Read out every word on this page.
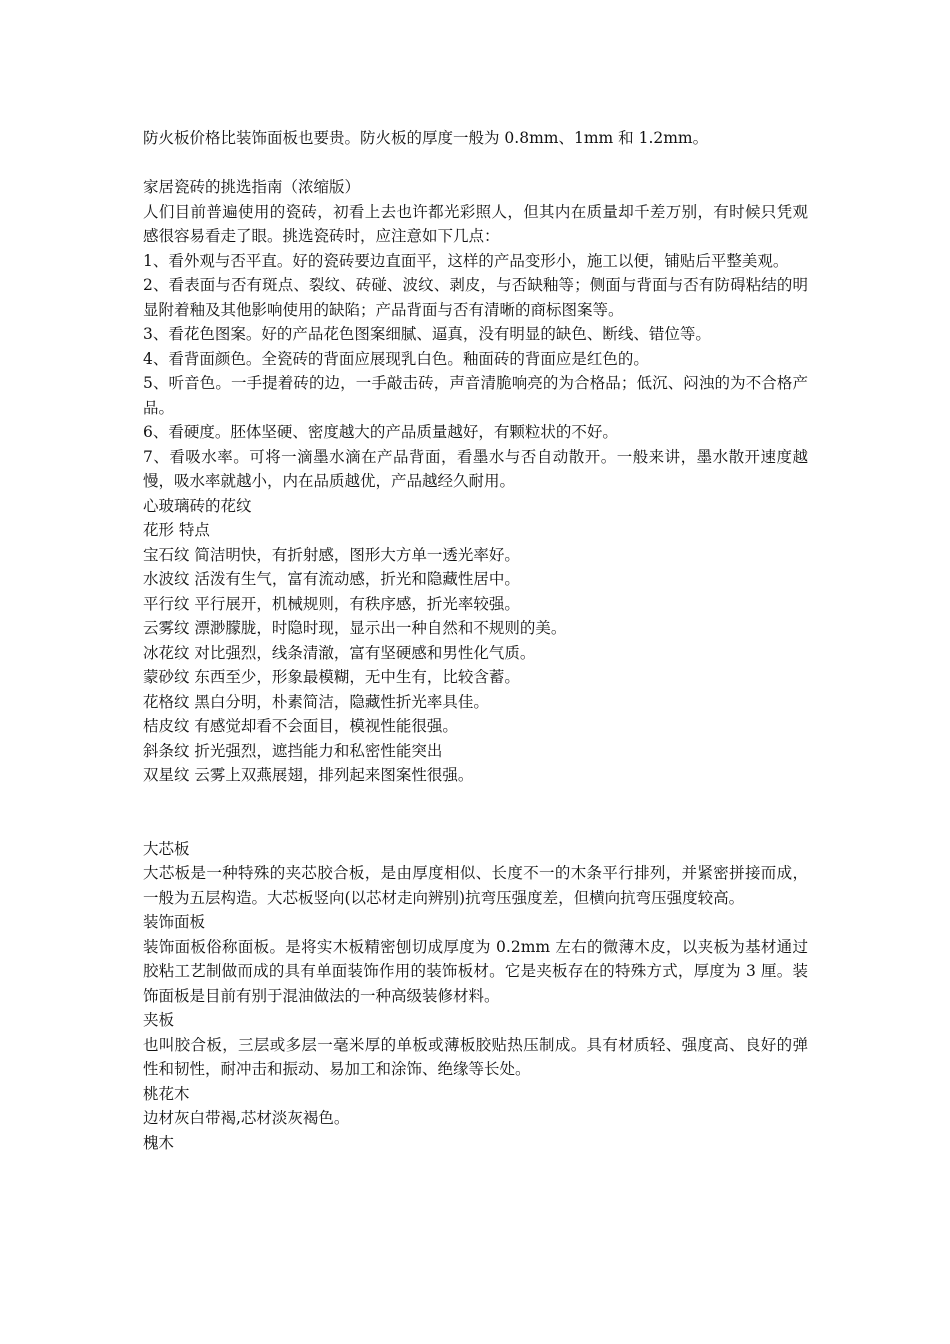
防火板价格比装饰面板也要贵。防火板的厚度一般为 0.8mm、1mm 和 1.2mm。

家居瓷砖的挑选指南（浓缩版）

人们目前普遍使用的瓷砖，初看上去也许都光彩照人，但其内在质量却千差万别，有时候只凭观感很容易看走了眼。挑选瓷砖时，应注意如下几点：

1、看外观与否平直。好的瓷砖要边直面平，这样的产品变形小，施工以便，铺贴后平整美观。

2、看表面与否有斑点、裂纹、砖碰、波纹、剥皮，与否缺釉等；侧面与背面与否有防碍粘结的明显附着釉及其他影响使用的缺陷；产品背面与否有清晰的商标图案等。

3、看花色图案。好的产品花色图案细腻、逼真，没有明显的缺色、断线、错位等。

4、看背面颜色。全瓷砖的背面应展现乳白色。釉面砖的背面应是红色的。

5、听音色。一手提着砖的边，一手敲击砖，声音清脆响亮的为合格品；低沉、闷浊的为不合格产品。

6、看硬度。胚体坚硬、密度越大的产品质量越好，有颗粒状的不好。

7、看吸水率。可将一滴墨水滴在产品背面，看墨水与否自动散开。一般来讲，墨水散开速度越慢，吸水率就越小，内在品质越优，产品越经久耐用。

心玻璃砖的花纹

花形 特点

宝石纹 简洁明快，有折射感，图形大方单一透光率好。

水波纹 活泼有生气，富有流动感，折光和隐藏性居中。

平行纹 平行展开，机械规则，有秩序感，折光率较强。

云雾纹 漂渺朦胧，时隐时现，显示出一种自然和不规则的美。

冰花纹 对比强烈，线条清澈，富有坚硬感和男性化气质。

蒙砂纹 东西至少，形象最模糊，无中生有，比较含蓄。

花格纹 黑白分明，朴素简洁，隐藏性折光率具佳。

桔皮纹 有感觉却看不会面目，模视性能很强。

斜条纹 折光强烈，遮挡能力和私密性能突出

双星纹 云雾上双燕展翅，排列起来图案性很强。

大芯板

大芯板是一种特殊的夹芯胶合板，是由厚度相似、长度不一的木条平行排列，并紧密拼接而成，一般为五层构造。大芯板竖向(以芯材走向辨别)抗弯压强度差，但横向抗弯压强度较高。

装饰面板

装饰面板俗称面板。是将实木板精密刨切成厚度为 0.2mm 左右的微薄木皮，以夹板为基材通过胶粘工艺制做而成的具有单面装饰作用的装饰板材。它是夹板存在的特殊方式，厚度为 3 厘。装饰面板是目前有别于混油做法的一种高级装修材料。

夹板

也叫胶合板，三层或多层一毫米厚的单板或薄板胶贴热压制成。具有材质轻、强度高、良好的弹性和韧性，耐冲击和振动、易加工和涂饰、绝缘等长处。

桃花木

边材灰白带褐,芯材淡灰褐色。

槐木
